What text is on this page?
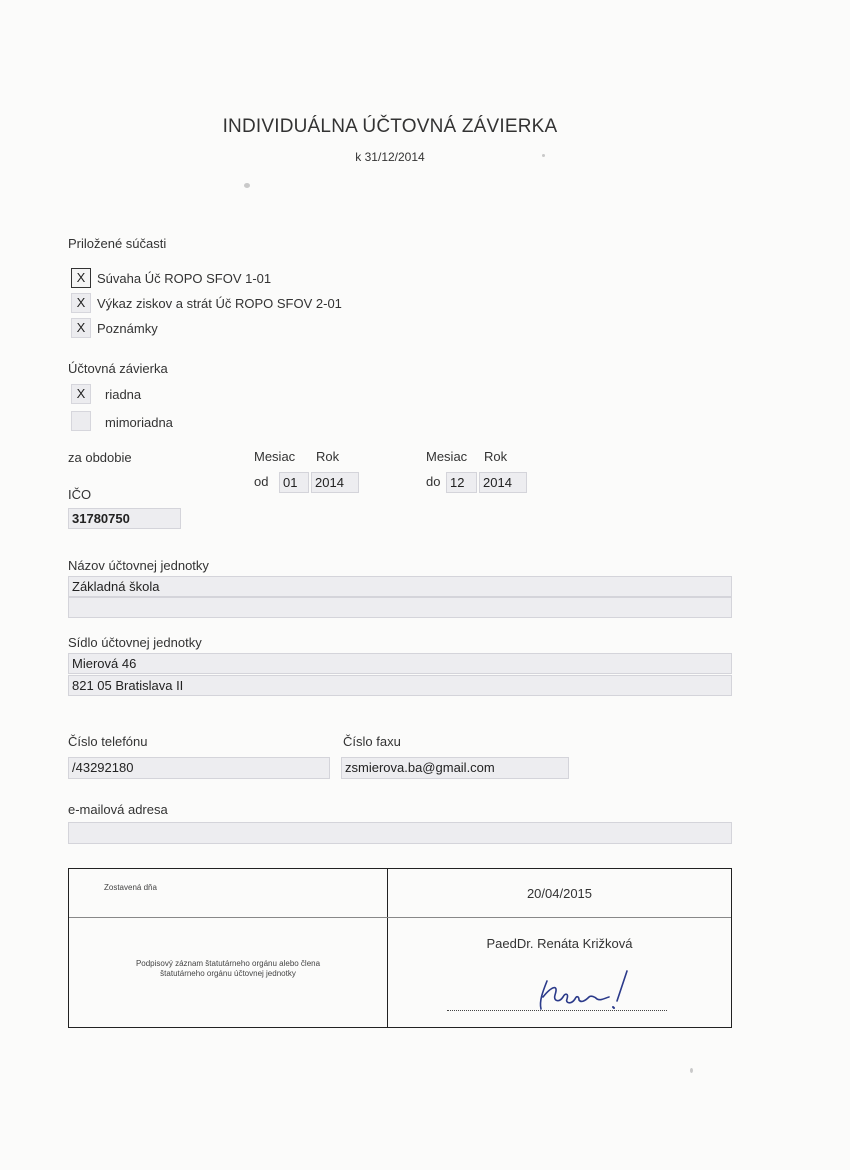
INDIVIDUÁLNA ÚČTOVNÁ ZÁVIERKA
k 31/12/2014
Priložené súčasti
X Súvaha Úč ROPO SFOV 1-01
X Výkaz ziskov a strát Úč ROPO SFOV 2-01
X Poznámky
Účtovná závierka
X	riadna
mimoriadna
za obdobie	Mesiac Rok
od	01	2014
Mesiac Rok
do 12	2014
IČO
31780750
Názov účtovnej jednotky
Základná škola
Sídlo účtovnej jednotky
Mierová 46
821 05 Bratislava II
Číslo telefónu
/43292180
Číslo faxu
zsmierova.ba@gmail.com
e-mailová adresa
Zostavená dňa	20/04/2015
Podpisový záznam štatutárneho orgánu alebo člena
štatutárneho orgánu účtovnej jednotky
PaedDr. Renáta Križková
